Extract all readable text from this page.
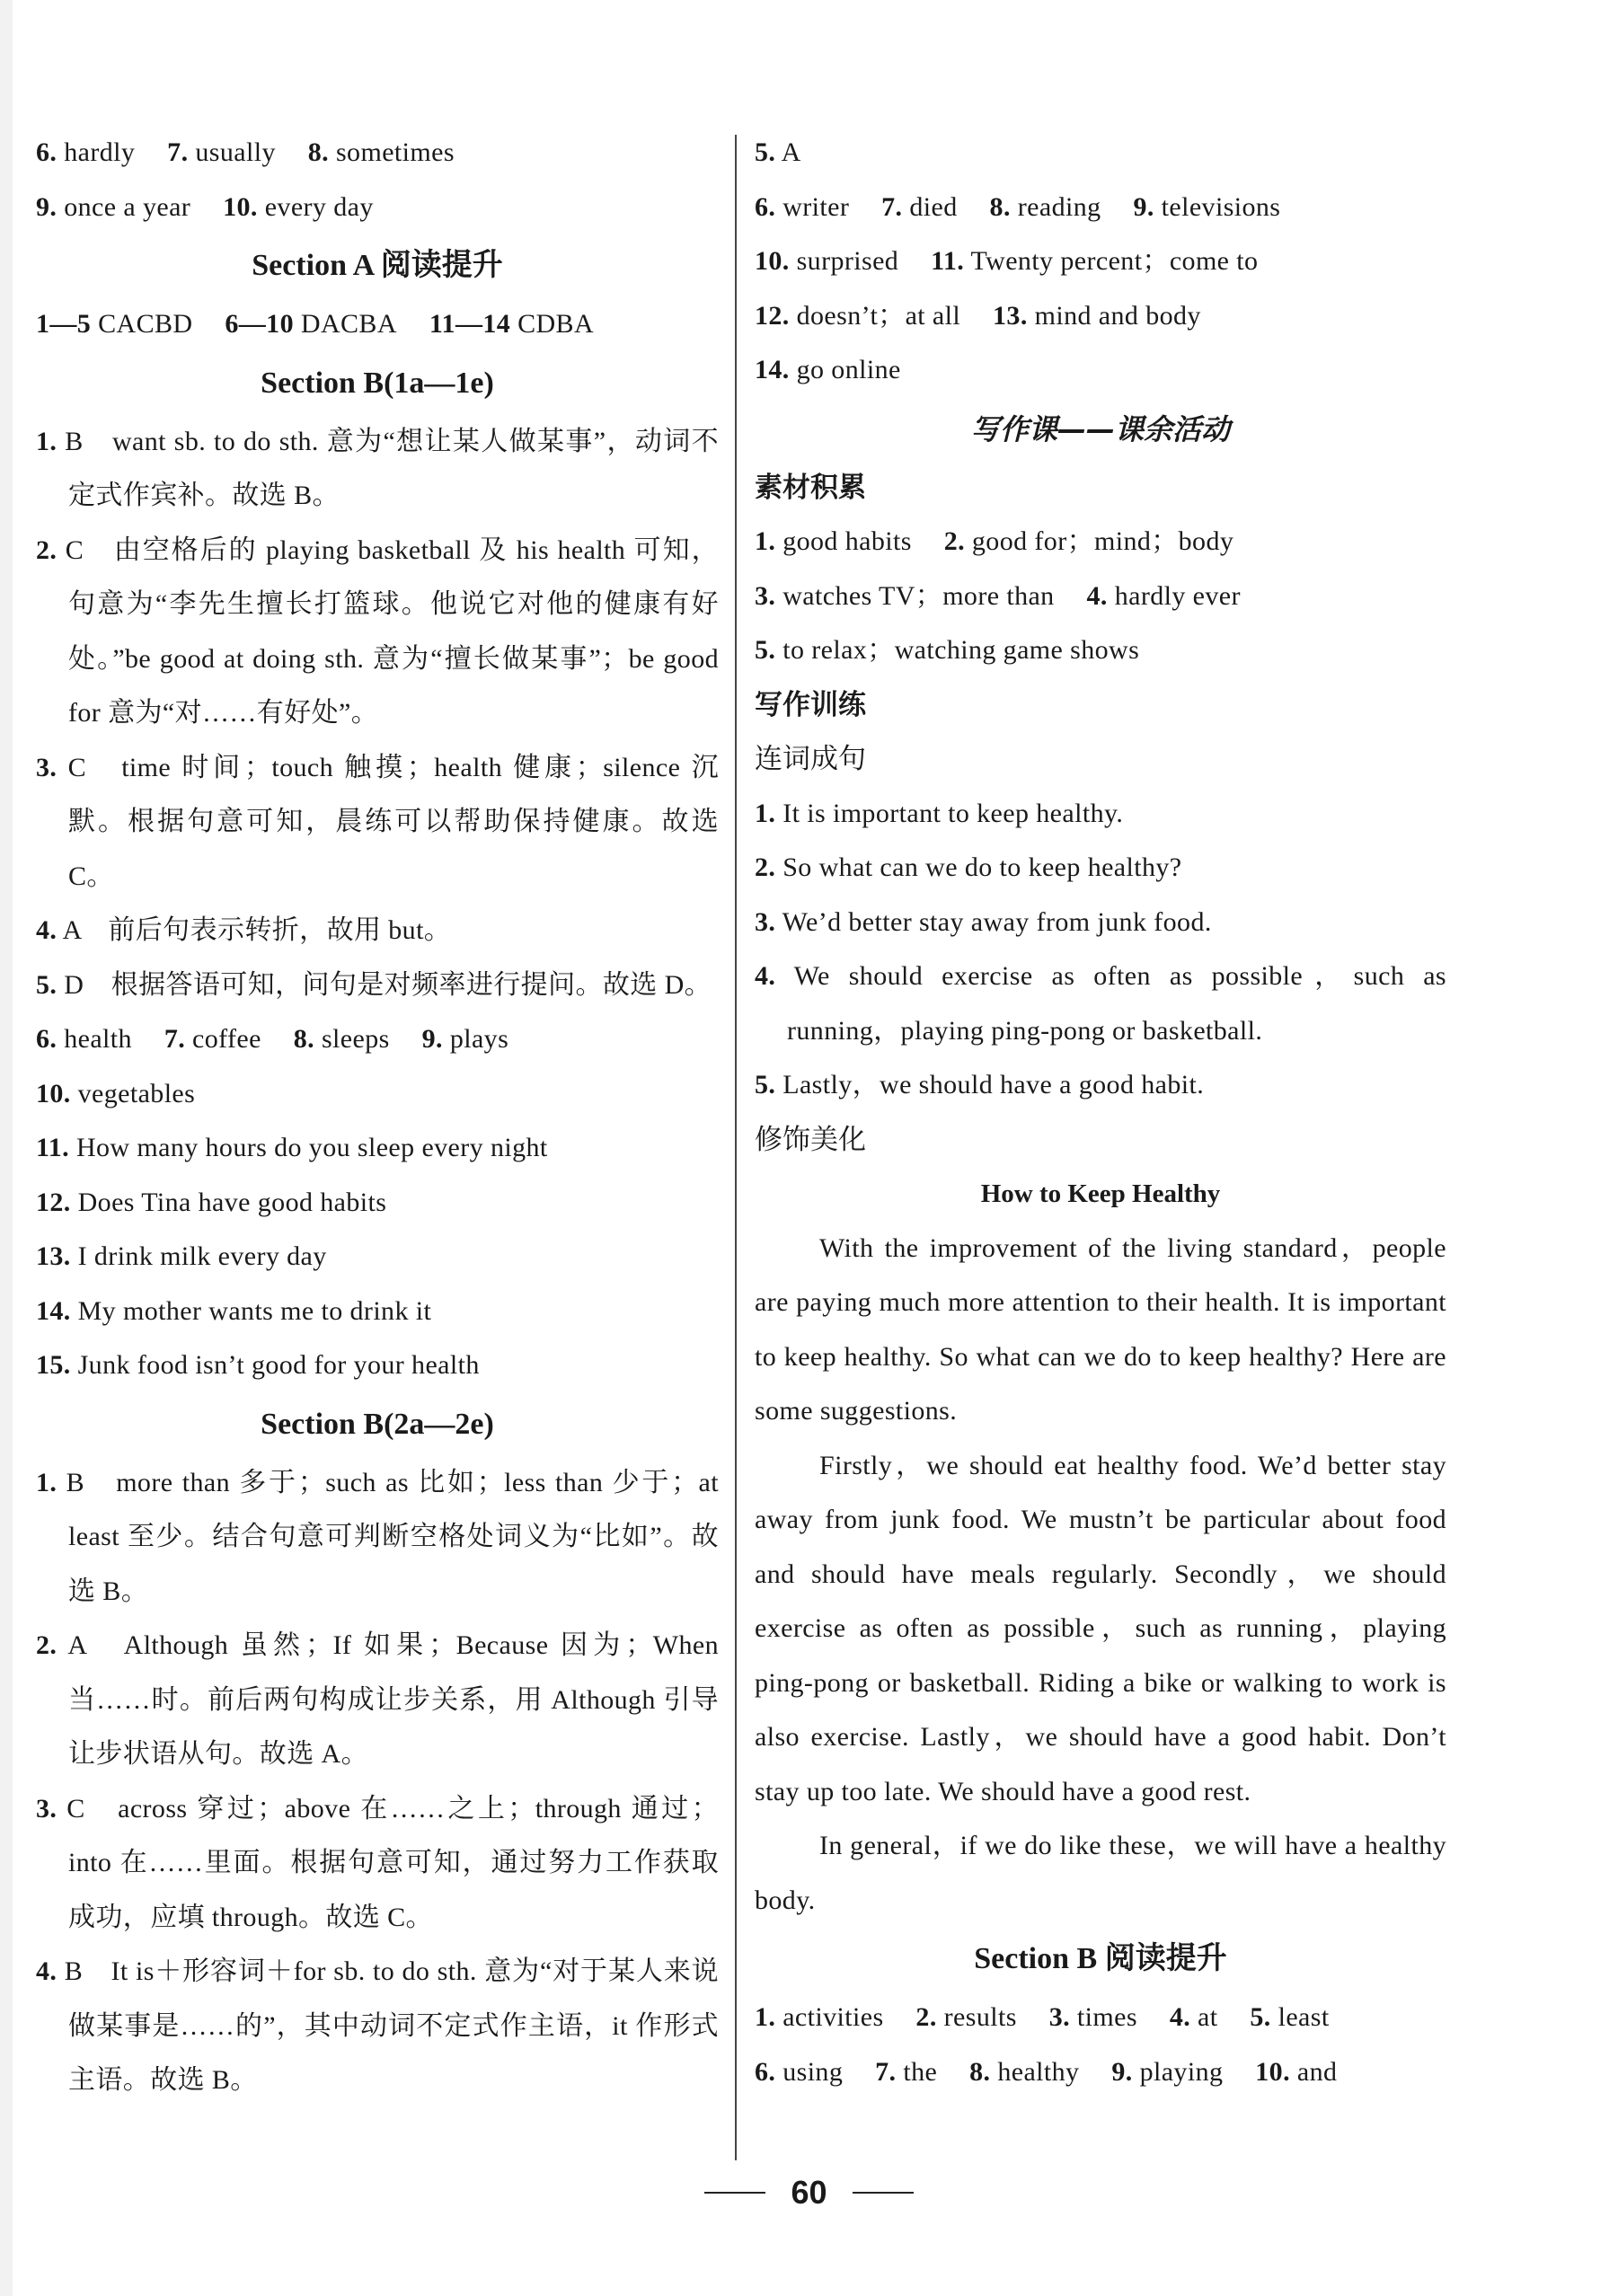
6. hardly 7. usually 8. sometimes
9. once a year 10. every day
Section A 阅读提升
1—5 CACBD 6—10 DACBA 11—14 CDBA
Section B(1a—1e)
1. B　want sb. to do sth. 意为“想让某人做某事”，动词不定式作宾补。故选 B。
2. C　由空格后的 playing basketball 及 his health 可知，句意为“李先生擅长打篮球。他说它对他的健康有好处。”be good at doing sth. 意为“擅长做某事”；be good for 意为“对……有好处”。
3. C　time 时间；touch 触摸；health 健康；silence 沉默。根据句意可知，晨练可以帮助保持健康。故选 C。
4. A　前后句表示转折，故用 but。
5. D　根据答语可知，问句是对频率进行提问。故选 D。
6. health 7. coffee 8. sleeps 9. plays
10. vegetables
11. How many hours do you sleep every night
12. Does Tina have good habits
13. I drink milk every day
14. My mother wants me to drink it
15. Junk food isn’t good for your health
Section B(2a—2e)
1. B　more than 多于；such as 比如；less than 少于；at least 至少。结合句意可判断空格处词义为“比如”。故选 B。
2. A　Although 虽然；If 如果；Because 因为；When 当……时。前后两句构成让步关系，用 Although 引导让步状语从句。故选 A。
3. C　across 穿过；above 在……之上；through 通过；into 在……里面。根据句意可知，通过努力工作获取成功，应填 through。故选 C。
4. B　It is＋形容词＋for sb. to do sth. 意为“对于某人来说做某事是……的”，其中动词不定式作主语，it 作形式主语。故选 B。
5. A
6. writer 7. died 8. reading 9. televisions
10. surprised 11. Twenty percent；come to
12. doesn’t；at all 13. mind and body
14. go online
写作课——课余活动
素材积累
1. good habits 2. good for；mind；body
3. watches TV；more than 4. hardly ever
5. to relax；watching game shows
写作训练
连词成句
1. It is important to keep healthy.
2. So what can we do to keep healthy?
3. We’d better stay away from junk food.
4. We should exercise as often as possible，such as running，playing ping-pong or basketball.
5. Lastly，we should have a good habit.
修饰美化
How to Keep Healthy
With the improvement of the living standard，people are paying much more attention to their health. It is important to keep healthy. So what can we do to keep healthy? Here are some suggestions.
Firstly，we should eat healthy food. We’d better stay away from junk food. We mustn’t be particular about food and should have meals regularly. Secondly，we should exercise as often as possible，such as running，playing ping-pong or basketball. Riding a bike or walking to work is also exercise. Lastly，we should have a good habit. Don’t stay up too late. We should have a good rest.
In general，if we do like these，we will have a healthy body.
Section B 阅读提升
1. activities 2. results 3. times 4. at 5. least
6. using 7. the 8. healthy 9. playing 10. and
60
